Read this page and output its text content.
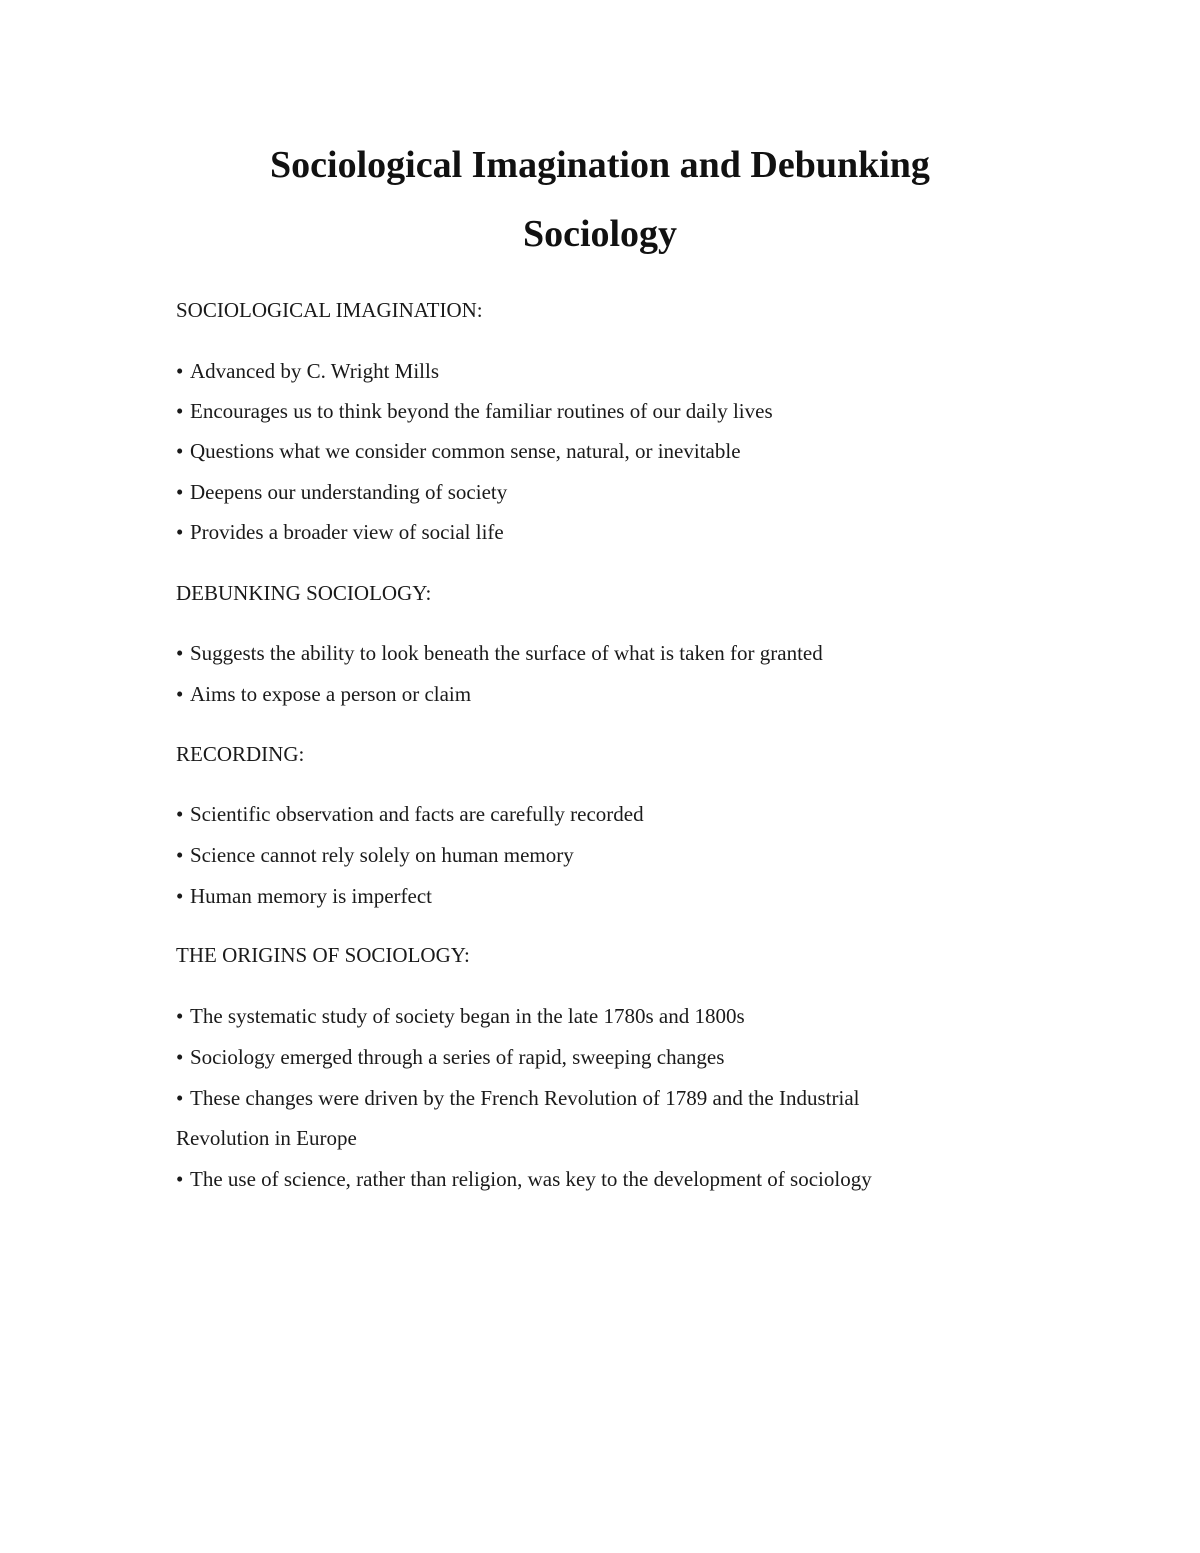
Sociological Imagination and Debunking
Sociology

SOCIOLOGICAL IMAGINATION:

• Advanced by C. Wright Mills

• Encourages us to think beyond the familiar routines of our daily lives

• Questions what we consider common sense, natural, or inevitable

• Deepens our understanding of society

• Provides a broader view of social life

DEBUNKING SOCIOLOGY:

• Suggests the ability to look beneath the surface of what is taken for granted

• Aims to expose a person or claim

RECORDING:

• Scientific observation and facts are carefully recorded

• Science cannot rely solely on human memory

• Human memory is imperfect

THE ORIGINS OF SOCIOLOGY:

• The systematic study of society began in the late 1780s and 1800s

• Sociology emerged through a series of rapid, sweeping changes

• These changes were driven by the French Revolution of 1789 and the Industrial

Revolution in Europe

• The use of science, rather than religion, was key to the development of sociology
